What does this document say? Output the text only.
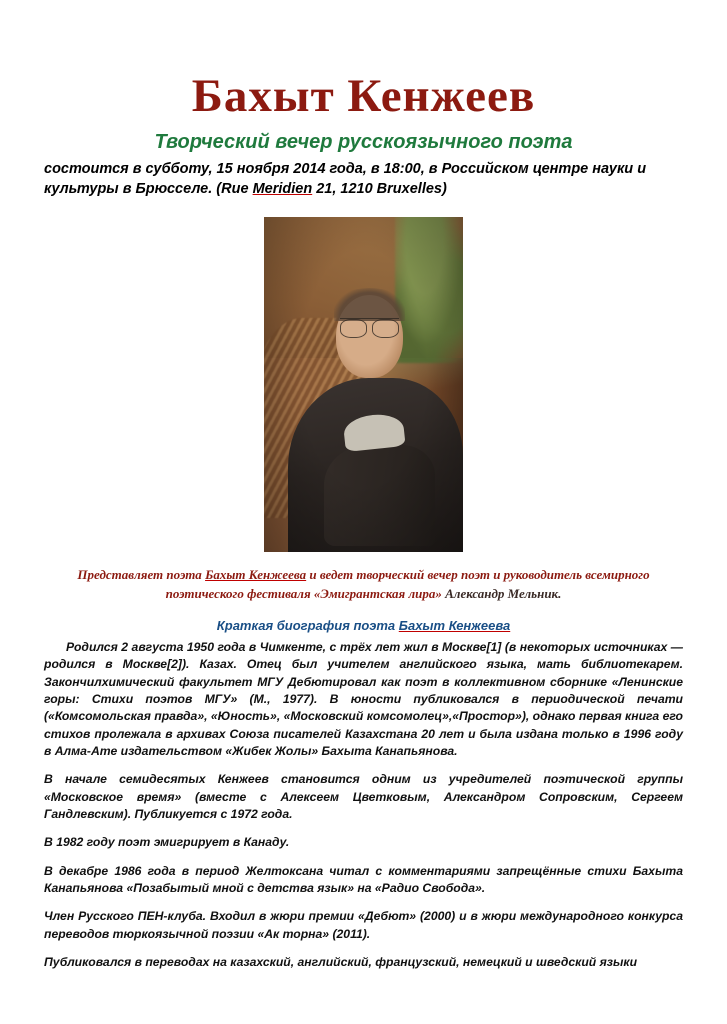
Бахыт Кенжеев
Творческий вечер русскоязычного поэта
состоится в субботу, 15 ноября 2014 года, в 18:00, в Российском центре науки и культуры в Брюсселе. (Rue Meridien 21, 1210 Bruxelles)
Представляет поэта Бахыт Кенжеева и ведет творческий вечер поэт и руководитель всемирного поэтического фестиваля «Эмигрантская лира» Александр Мельник.
Краткая биография поэта Бахыт Кенжеева

Родился 2 августа 1950 года в Чимкенте, с трёх лет жил в Москве[1] (в некоторых источниках — родился в Москве[2]). Казах. Отец был учителем английского языка, мать библиотекарем. Закончилхимический факультет МГУ Дебютировал как поэт в коллективном сборнике «Ленинские горы: Стихи поэтов МГУ» (М., 1977). В юности публиковался в периодической печати («Комсомольская правда», «Юность», «Московский комсомолец»,«Простор»), однако первая книга его стихов пролежала в архивах Союза писателей Казахстана 20 лет и была издана только в 1996 году в Алма-Ате издательством «Жибек Жолы» Бахыта Канапьянова.

В начале семидесятых Кенжеев становится одним из учредителей поэтической группы «Московское время» (вместе с Алексеем Цветковым, Александром Сопровским, Сергеем Гандлевским). Публикуется с 1972 года.

В 1982 году поэт эмигрирует в Канаду.

В декабре 1986 года в период Желтоксана читал с комментариями запрещённые стихи Бахыта Канапьянова «Позабытый мной с детства язык» на «Радио Свобода».

Член Русского ПЕН-клуба. Входил в жюри премии «Дебют» (2000) и в жюри международного конкурса переводов тюркоязычной поэзии «Ак торна» (2011).

Публиковался в переводах на казахский, английский, французский, немецкий и шведский языки
